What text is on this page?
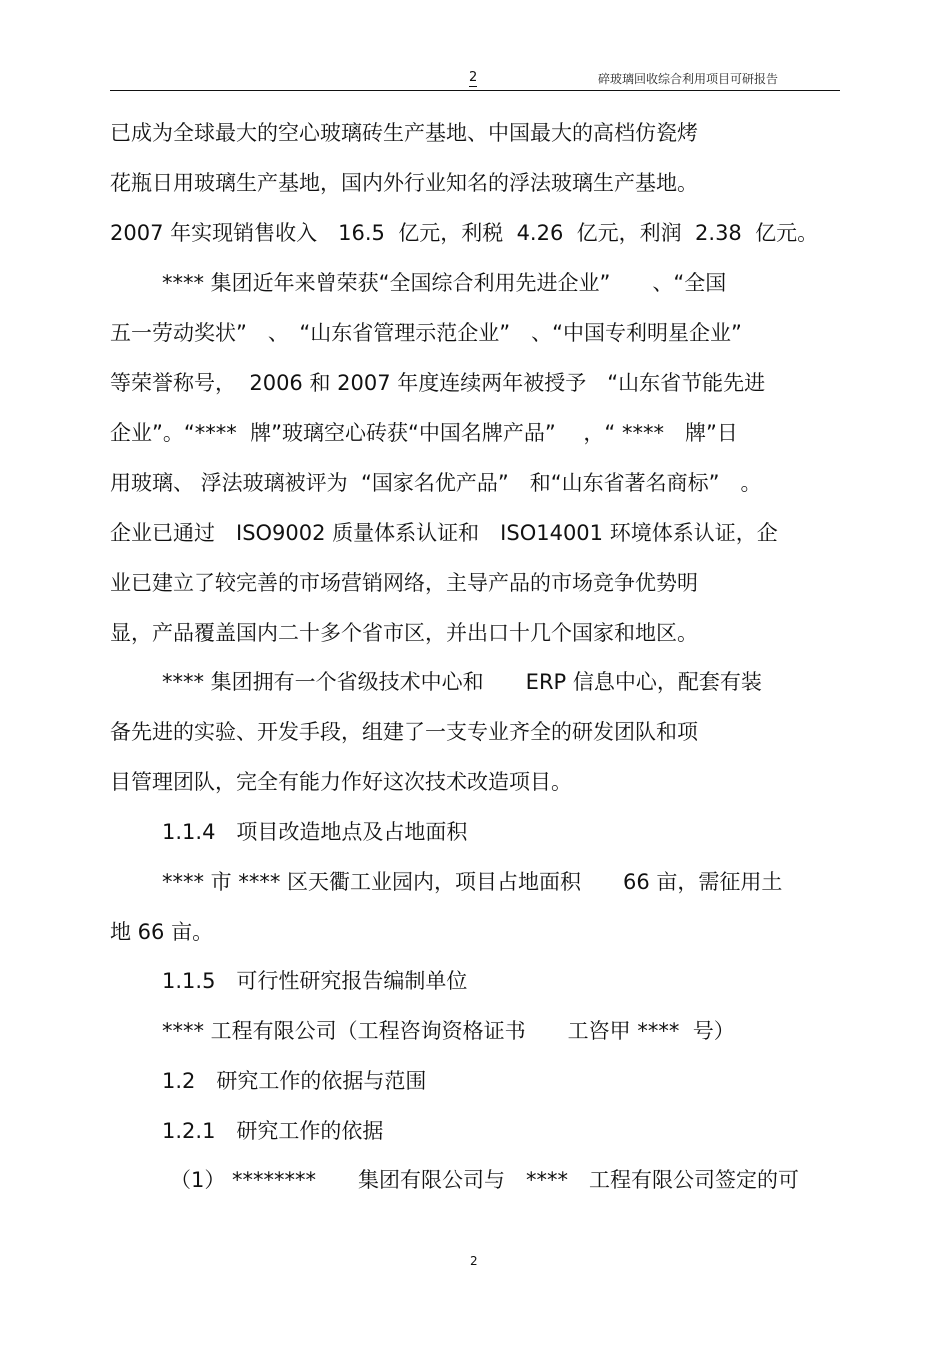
2	碎玻璃回收综合利用项目可研报告
已成为全球最大的空心玻璃砖生产基地、中国最大的高档仿瓷烤
花瓶日用玻璃生产基地，国内外行业知名的浮法玻璃生产基地。
2007 年实现销售收入　16.5  亿元，利税  4.26  亿元，利润  2.38  亿元。
**** 集团近年来曾荣获“全国综合利用先进企业”　　、“全国
五一劳动奖状”　、　“山东省管理示范企业”　、“中国专利明星企业”
等荣誉称号，  2006 和 2007 年度连续两年被授予　“山东省节能先进
企业”。“****  牌”玻璃空心砖获“中国名牌产品”　 ，“ ****　牌”日
用玻璃、 浮法玻璃被评为  “国家名优产品”　和“山东省著名商标”　。
企业已通过　ISO9002 质量体系认证和　ISO14001 环境体系认证，企
业已建立了较完善的市场营销网络，主导产品的市场竞争优势明
显，产品覆盖国内二十多个省市区，并出口十几个国家和地区。
**** 集团拥有一个省级技术中心和　　ERP 信息中心，配套有装
备先进的实验、开发手段，组建了一支专业齐全的研发团队和项
目管理团队，完全有能力作好这次技术改造项目。
1.1.4　项目改造地点及占地面积
**** 市 **** 区天衢工业园内，项目占地面积　　66 亩，需征用土
地 66 亩。
1.1.5　可行性研究报告编制单位
**** 工程有限公司（工程咨询资格证书　　工咨甲 ****  号）
1.2　研究工作的依据与范围
1.2.1　研究工作的依据
（1） ********　　集团有限公司与　****　工程有限公司签定的可
2
